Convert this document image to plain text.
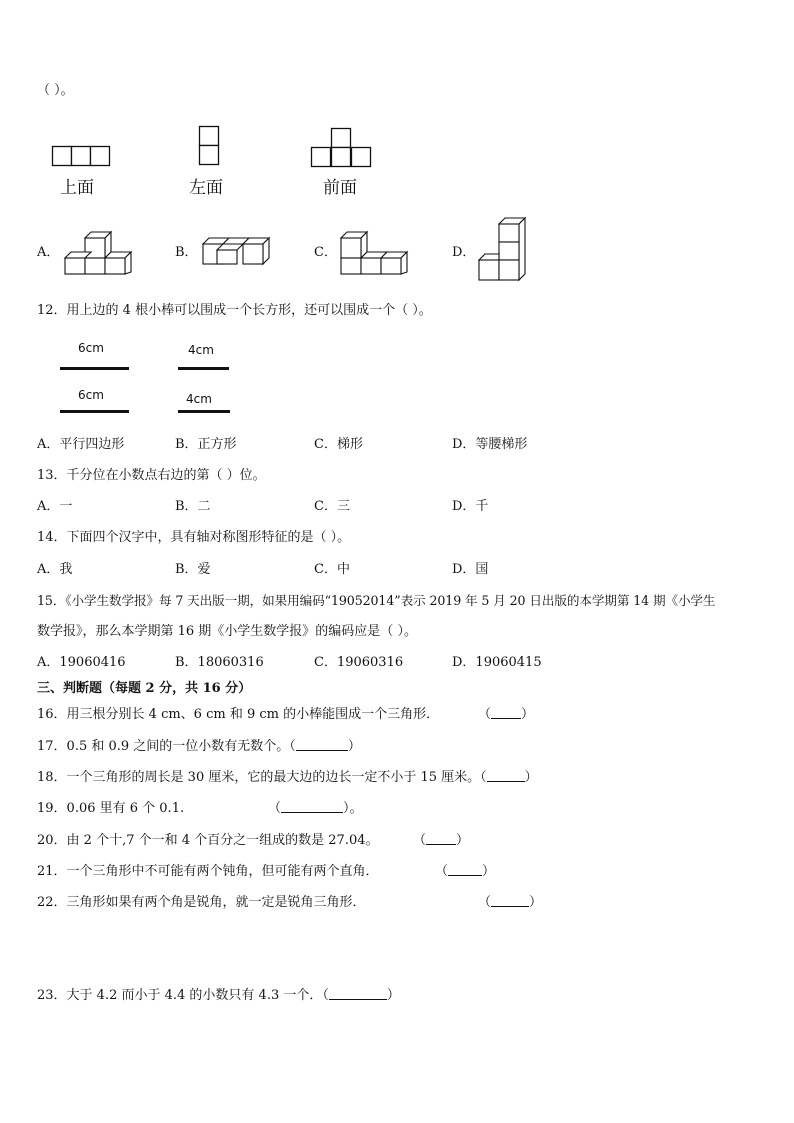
（ ）。
上面	左面	前面
A．	B．	C．	D．
12．用上边的 4 根小棒可以围成一个长方形，还可以围成一个（ ）。
6cm
6cm
4cm
4cm
A．平行四边形	B．正方形	C．梯形	D．等腰梯形
13．千分位在小数点右边的第（ ）位。
A．一	B．二	C．三	D．千
14．下面四个汉字中，具有轴对称图形特征的是（ ）。
A．我	B．爱	C．中	D．国
15．《小学生数学报》每 7 天出版一期，如果用编码“19052014”表示 2019 年 5 月 20 日出版的本学期第 14 期《小学生
数学报》，那么本学期第 16 期《小学生数学报》的编码应是（ ）。
A．19060416	B．18060316	C．19060316	D．19060415
三、判断题（每题 2 分，共 16 分）
16．用三根分别长 4 cm、6 cm 和 9 cm 的小棒能围成一个三角形．	（ ）
17．0.5 和 0.9 之间的一位小数有无数个。（	）
18．一个三角形的周长是 30 厘米，它的最大边的边长一定不小于 15 厘米。（	）
19．0.06 里有 6 个 0.1.	（	）。
20．由 2 个十,7 个一和 4 个百分之一组成的数是 27.04。	（ ）
21．一个三角形中不可能有两个钝角，但可能有两个直角．	（	）
22．三角形如果有两个角是锐角，就一定是锐角三角形．	（	）
23．大于 4.2 而小于 4.4 的小数只有 4.3 一个．（	）
